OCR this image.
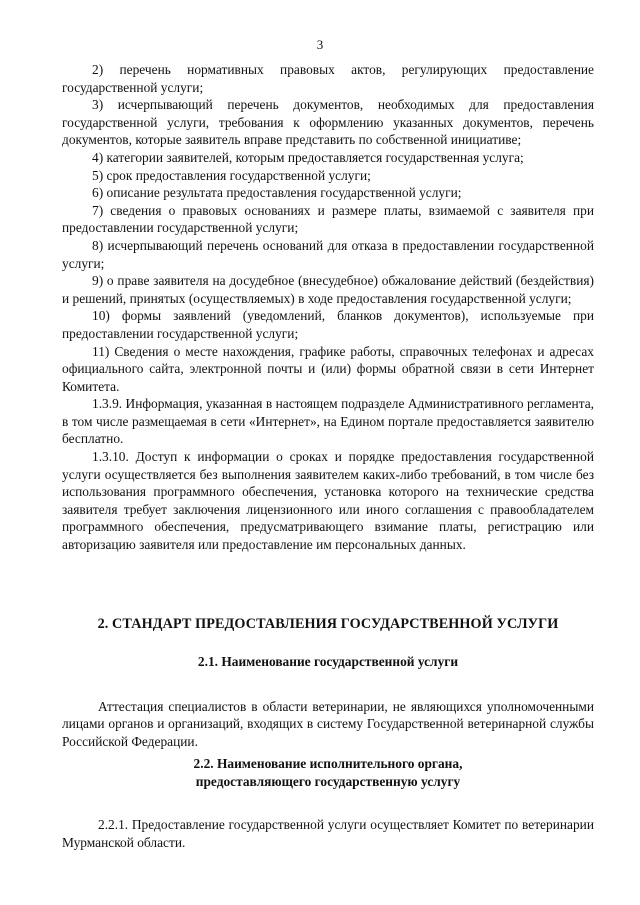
3

2) перечень нормативных правовых актов, регулирующих предоставление государственной услуги;

3) исчерпывающий перечень документов, необходимых для предоставления государственной услуги, требования к оформлению указанных документов, перечень документов, которые заявитель вправе представить по собственной инициативе;

4) категории заявителей, которым предоставляется государственная услуга;

5) срок предоставления государственной услуги;

6) описание результата предоставления государственной услуги;

7) сведения о правовых основаниях и размере платы, взимаемой с заявителя при предоставлении государственной услуги;

8) исчерпывающий перечень оснований для отказа в предоставлении государственной услуги;

9) о праве заявителя на досудебное (внесудебное) обжалование действий (бездействия) и решений, принятых (осуществляемых) в ходе предоставления государственной услуги;

10) формы заявлений (уведомлений, бланков документов), используемые при предоставлении государственной услуги;

11) Сведения о месте нахождения, графике работы, справочных телефонах и адресах официального сайта, электронной почты и (или) формы обратной связи в сети Интернет Комитета.

1.3.9. Информация, указанная в настоящем подразделе Административного регламента, в том числе размещаемая в сети «Интернет», на Едином портале предоставляется заявителю бесплатно.

1.3.10. Доступ к информации о сроках и порядке предоставления государственной услуги осуществляется без выполнения заявителем каких-либо требований, в том числе без использования программного обеспечения, установка которого на технические средства заявителя требует заключения лицензионного или иного соглашения с правообладателем программного обеспечения, предусматривающего взимание платы, регистрацию или авторизацию заявителя или предоставление им персональных данных.

2. СТАНДАРТ ПРЕДОСТАВЛЕНИЯ ГОСУДАРСТВЕННОЙ УСЛУГИ
2.1. Наименование государственной услуги

Аттестация специалистов в области ветеринарии, не являющихся уполномоченными лицами органов и организаций, входящих в систему Государственной ветеринарной службы Российской Федерации.

2.2. Наименование исполнительного органа,
предоставляющего государственную услугу

2.2.1. Предоставление государственной услуги осуществляет Комитет по ветеринарии Мурманской области.
